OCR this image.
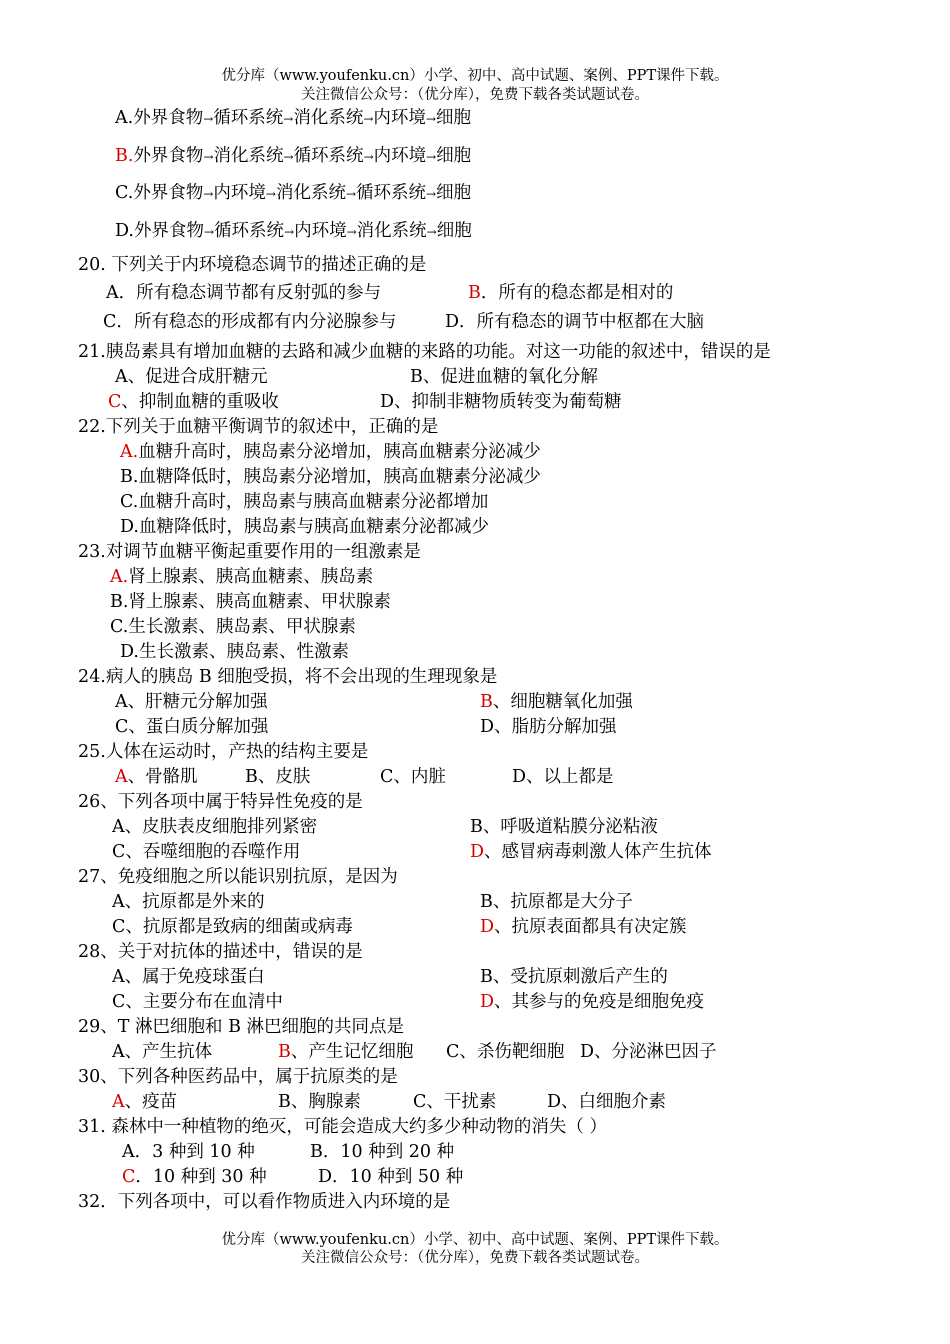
优分库（www.youfenku.cn）小学、初中、高中试题、案例、PPT课件下载。
关注微信公众号：（优分库），免费下载各类试题试卷。
A.外界食物→循环系统→消化系统→内环境→细胞
B.外界食物→消化系统→循环系统→内环境→细胞
C.外界食物→内环境→消化系统→循环系统→细胞
D.外界食物→循环系统→内环境→消化系统→细胞
20. 下列关于内环境稳态调节的描述正确的是
A．所有稳态调节都有反射弧的参与	B．所有的稳态都是相对的
C．所有稳态的形成都有内分泌腺参与	D．所有稳态的调节中枢都在大脑
21.胰岛素具有增加血糖的去路和减少血糖的来路的功能。对这一功能的叙述中，错误的是
A、促进合成肝糖元	B、促进血糖的氧化分解
C、抑制血糖的重吸收	D、抑制非糖物质转变为葡萄糖
22.下列关于血糖平衡调节的叙述中，正确的是
A.血糖升高时，胰岛素分泌增加，胰高血糖素分泌减少
B.血糖降低时，胰岛素分泌增加，胰高血糖素分泌减少
C.血糖升高时，胰岛素与胰高血糖素分泌都增加
D.血糖降低时，胰岛素与胰高血糖素分泌都减少
23.对调节血糖平衡起重要作用的一组激素是
A.肾上腺素、胰高血糖素、胰岛素
B.肾上腺素、胰高血糖素、甲状腺素
C.生长激素、胰岛素、甲状腺素
D.生长激素、胰岛素、性激素
24.病人的胰岛 B 细胞受损，将不会出现的生理现象是
A、肝糖元分解加强	B、细胞糖氧化加强
C、蛋白质分解加强	D、脂肪分解加强
25.人体在运动时，产热的结构主要是
A、骨骼肌	B、皮肤	C、内脏	D、以上都是
26、下列各项中属于特异性免疫的是
A、皮肤表皮细胞排列紧密	B、呼吸道粘膜分泌粘液
C、吞噬细胞的吞噬作用	D、感冒病毒刺激人体产生抗体
27、免疫细胞之所以能识别抗原，是因为
A、抗原都是外来的	B、抗原都是大分子
C、抗原都是致病的细菌或病毒	D、抗原表面都具有决定簇
28、关于对抗体的描述中，错误的是
A、属于免疫球蛋白	B、受抗原刺激后产生的
C、主要分布在血清中	D、其参与的免疫是细胞免疫
29、T 淋巴细胞和 B 淋巴细胞的共同点是
A、产生抗体	B、产生记忆细胞 C、杀伤靶细胞 D、分泌淋巴因子
30、下列各种医药品中，属于抗原类的是
A、疫苗	B、胸腺素	C、干扰素	D、白细胞介素
31. 森林中一种植物的绝灭，可能会造成大约多少种动物的消失（ ）
A．3 种到 10 种	B．10 种到 20 种
C．10 种到 30 种	D．10 种到 50 种
32．下列各项中，可以看作物质进入内环境的是
优分库（www.youfenku.cn）小学、初中、高中试题、案例、PPT课件下载。
关注微信公众号：（优分库），免费下载各类试题试卷。
